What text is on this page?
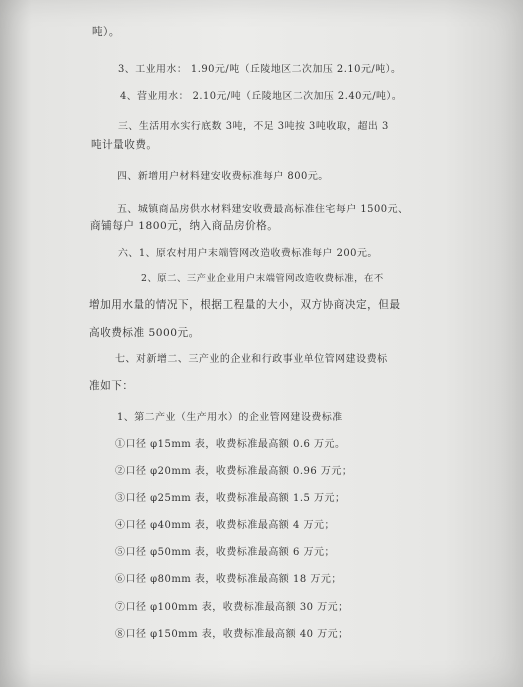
吨）。

3、工业用水： 1.90元/吨（丘陵地区二次加压 2.10元/吨）。

4、营业用水： 2.10元/吨（丘陵地区二次加压 2.40元/吨）。

三、生活用水实行底数 3吨，不足 3吨按 3吨收取，超出 3

吨计量收费。

四、新增用户材料建安收费标准每户 800元。

五、城镇商品房供水材料建安收费最高标准住宅每户 1500元、

商铺每户 1800元，纳入商品房价格。

六、1、原农村用户末端管网改造收费标准每户 200元。

2、原二、三产业企业用户末端管网改造收费标准，在不

增加用水量的情况下，根据工程量的大小，双方协商决定，但最

高收费标准 5000元。

七、对新增二、三产业的企业和行政事业单位管网建设费标

准如下：

1、第二产业（生产用水）的企业管网建设费标准

①口径 φ15mm 表，收费标准最高额 0.6 万元。

②口径 φ20mm 表，收费标准最高额 0.96 万元；

③口径 φ25mm 表，收费标准最高额 1.5 万元；

④口径 φ40mm 表，收费标准最高额 4 万元；

⑤口径 φ50mm 表，收费标准最高额 6 万元；

⑥口径 φ80mm 表，收费标准最高额 18 万元；

⑦口径 φ100mm 表，收费标准最高额 30 万元；

⑧口径 φ150mm 表，收费标准最高额 40 万元；
